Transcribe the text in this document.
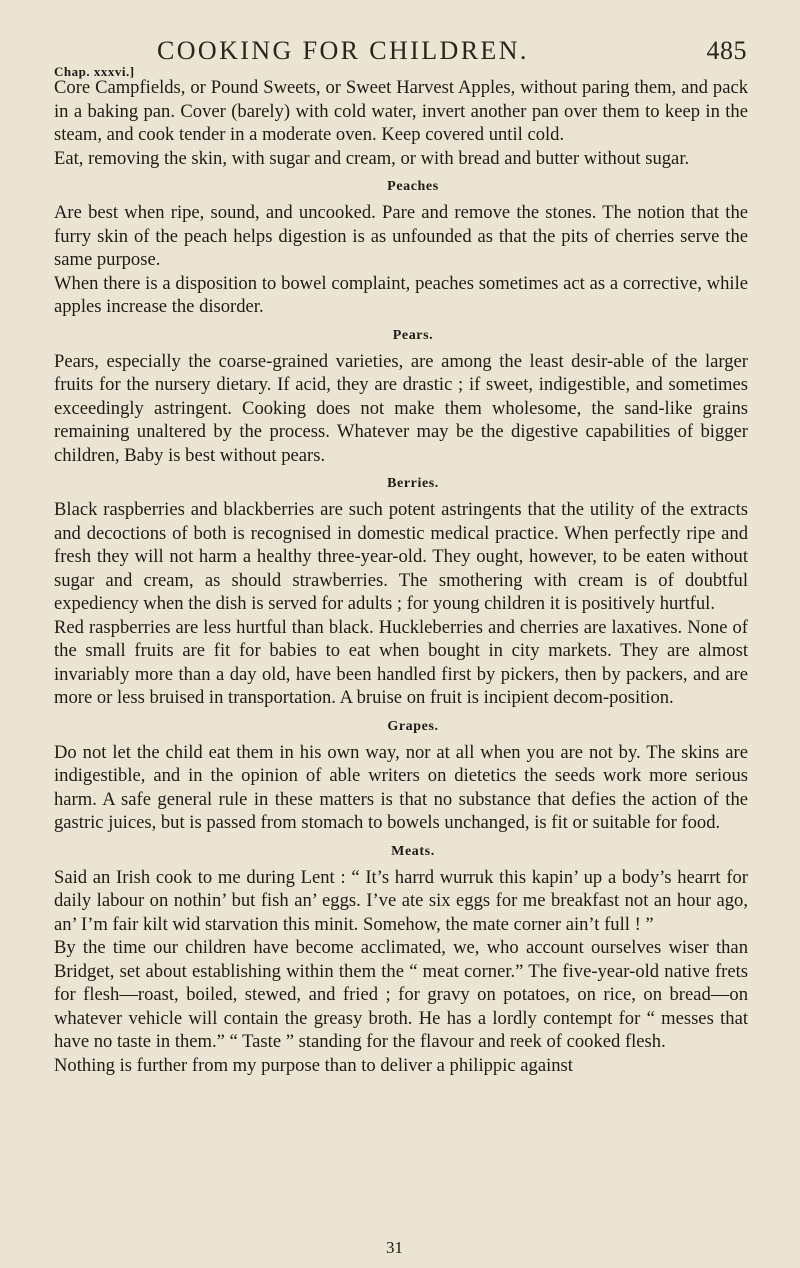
COOKING FOR CHILDREN.	485
Chap. xxxvi.]

Core Campfields, or Pound Sweets, or Sweet Harvest Apples, without paring them, and pack in a baking pan. Cover (barely) with cold water, invert another pan over them to keep in the steam, and cook tender in a moderate oven. Keep covered until cold.

Eat, removing the skin, with sugar and cream, or with bread and butter without sugar.

Peaches

Are best when ripe, sound, and uncooked. Pare and remove the stones. The notion that the furry skin of the peach helps digestion is as unfounded as that the pits of cherries serve the same purpose.

When there is a disposition to bowel complaint, peaches sometimes act as a corrective, while apples increase the disorder.

Pears.

Pears, especially the coarse-grained varieties, are among the least desir-able of the larger fruits for the nursery dietary. If acid, they are drastic ; if sweet, indigestible, and sometimes exceedingly astringent. Cooking does not make them wholesome, the sand-like grains remaining unaltered by the process. Whatever may be the digestive capabilities of bigger children, Baby is best without pears.

Berries.

Black raspberries and blackberries are such potent astringents that the utility of the extracts and decoctions of both is recognised in domestic medical practice. When perfectly ripe and fresh they will not harm a healthy three-year-old. They ought, however, to be eaten without sugar and cream, as should strawberries. The smothering with cream is of doubtful expediency when the dish is served for adults ; for young children it is positively hurtful.

Red raspberries are less hurtful than black. Huckleberries and cherries are laxatives. None of the small fruits are fit for babies to eat when bought in city markets. They are almost invariably more than a day old, have been handled first by pickers, then by packers, and are more or less bruised in transportation. A bruise on fruit is incipient decom-position.

Grapes.

Do not let the child eat them in his own way, nor at all when you are not by. The skins are indigestible, and in the opinion of able writers on dietetics the seeds work more serious harm. A safe general rule in these matters is that no substance that defies the action of the gastric juices, but is passed from stomach to bowels unchanged, is fit or suitable for food.

Meats.

Said an Irish cook to me during Lent : “ It’s harrd wurruk this kapin’ up a body’s hearrt for daily labour on nothin’ but fish an’ eggs. I’ve ate six eggs for me breakfast not an hour ago, an’ I’m fair kilt wid starvation this minit. Somehow, the mate corner ain’t full ! ”

By the time our children have become acclimated, we, who account ourselves wiser than Bridget, set about establishing within them the “ meat corner.” The five-year-old native frets for flesh—roast, boiled, stewed, and fried ; for gravy on potatoes, on rice, on bread—on whatever vehicle will contain the greasy broth. He has a lordly contempt for “ messes that have no taste in them.” “ Taste ” standing for the flavour and reek of cooked flesh.

Nothing is further from my purpose than to deliver a philippic against

31
